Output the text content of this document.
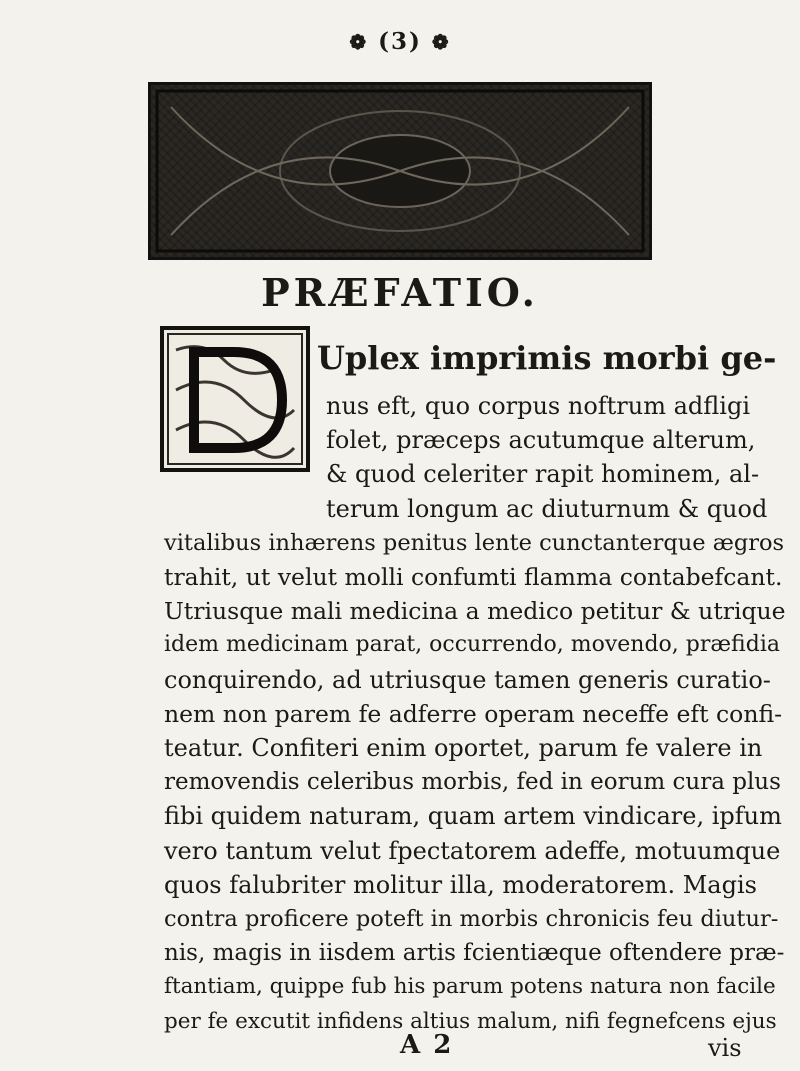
❁ (3) ❁
PRÆFATIO.
Uplex imprimis morbi ge-
nus eft, quo corpus noftrum adfligi
folet, præceps acutumque alterum,
& quod celeriter rapit hominem, al-
terum longum ac diuturnum & quod
vitalibus inhærens penitus lente cunctanterque ægros
trahit, ut velut molli confumti flamma contabefcant.
Utriusque mali medicina a medico petitur & utrique
idem medicinam parat, occurrendo, movendo, præfidia
conquirendo, ad utriusque tamen generis curatio-
nem non parem fe adferre operam neceffe eft confi-
teatur. Confiteri enim oportet, parum fe valere in
removendis celeribus morbis, fed in eorum cura plus
fibi quidem naturam, quam artem vindicare, ipfum
vero tantum velut fpectatorem adeffe, motuumque
quos falubriter molitur illa, moderatorem. Magis
contra proficere poteft in morbis chronicis feu diutur-
nis, magis in iisdem artis fcientiæque oftendere præ-
ftantiam, quippe fub his parum potens natura non facile
per fe excutit infidens altius malum, nifi fegnefcens ejus
A 2	vis
